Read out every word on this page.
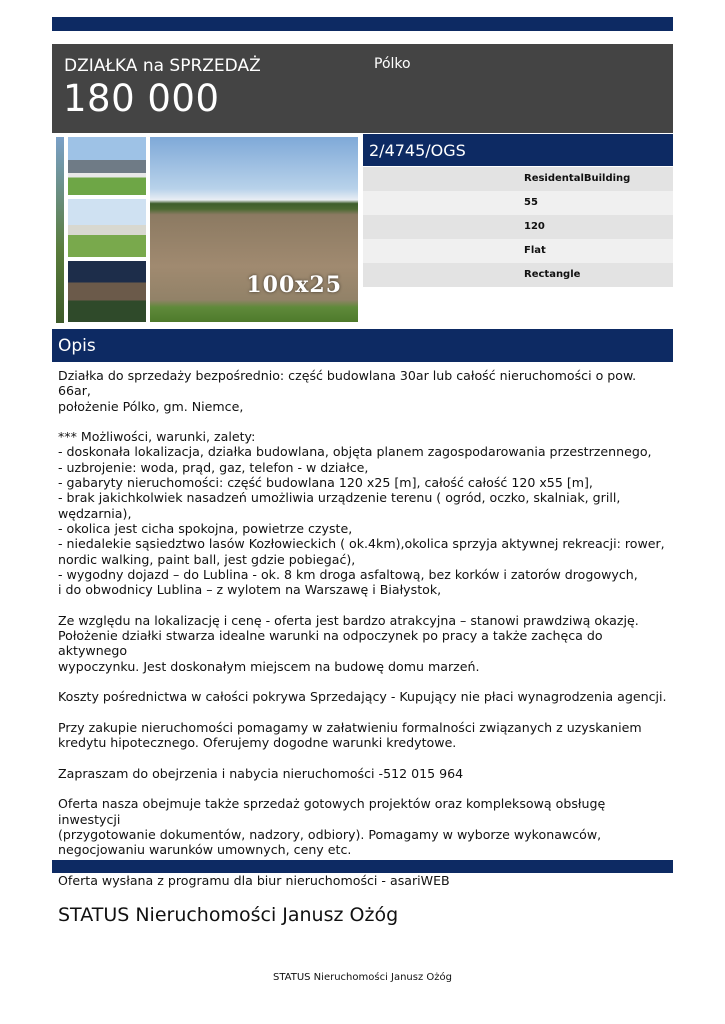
DZIAŁKA na SPRZEDAŻ
180 000
Pólko
100x25
2/4745/OGS
ResidentalBuilding
55
120
Flat
Rectangle
Opis

Działka do sprzedaży bezpośrednio: część budowlana 30ar lub całość nieruchomości o pow. 66ar,
położenie Pólko, gm. Niemce,

*** Możliwości, warunki, zalety:
- doskonała lokalizacja, działka budowlana, objęta planem zagospodarowania przestrzennego,
- uzbrojenie: woda, prąd, gaz, telefon - w działce,
- gabaryty nieruchomości: część budowlana 120 x25 [m], całość całość 120 x55 [m],
- brak jakichkolwiek nasadzeń umożliwia urządzenie terenu ( ogród, oczko, skalniak, grill,
wędzarnia),
- okolica jest cicha spokojna, powietrze czyste,
- niedalekie sąsiedztwo lasów Kozłowieckich ( ok.4km),okolica sprzyja aktywnej rekreacji: rower,
nordic walking, paint ball, jest gdzie pobiegać),
- wygodny dojazd – do Lublina - ok. 8 km droga asfaltową, bez korków i zatorów drogowych,
i do obwodnicy Lublina – z wylotem na Warszawę i Białystok,

Ze względu na lokalizację i cenę - oferta jest bardzo atrakcyjna – stanowi prawdziwą okazję.
Położenie działki stwarza idealne warunki na odpoczynek po pracy a także zachęca do aktywnego
wypoczynku. Jest doskonałym miejscem na budowę domu marzeń.

Koszty pośrednictwa w całości pokrywa Sprzedający - Kupujący nie płaci wynagrodzenia agencji.

Przy zakupie nieruchomości pomagamy w załatwieniu formalności związanych z uzyskaniem
kredytu hipotecznego. Oferujemy dogodne warunki kredytowe.

Zapraszam do obejrzenia i nabycia nieruchomości -512 015 964

Oferta nasza obejmuje także sprzedaż gotowych projektów oraz kompleksową obsługę inwestycji
(przygotowanie dokumentów, nadzory, odbiory). Pomagamy w wyborze wykonawców,
negocjowaniu warunków umownych, ceny etc.

Oferta wysłana z programu dla biur nieruchomości - asariWEB

STATUS Nieruchomości Janusz Ożóg
STATUS Nieruchomości Janusz Ożóg
